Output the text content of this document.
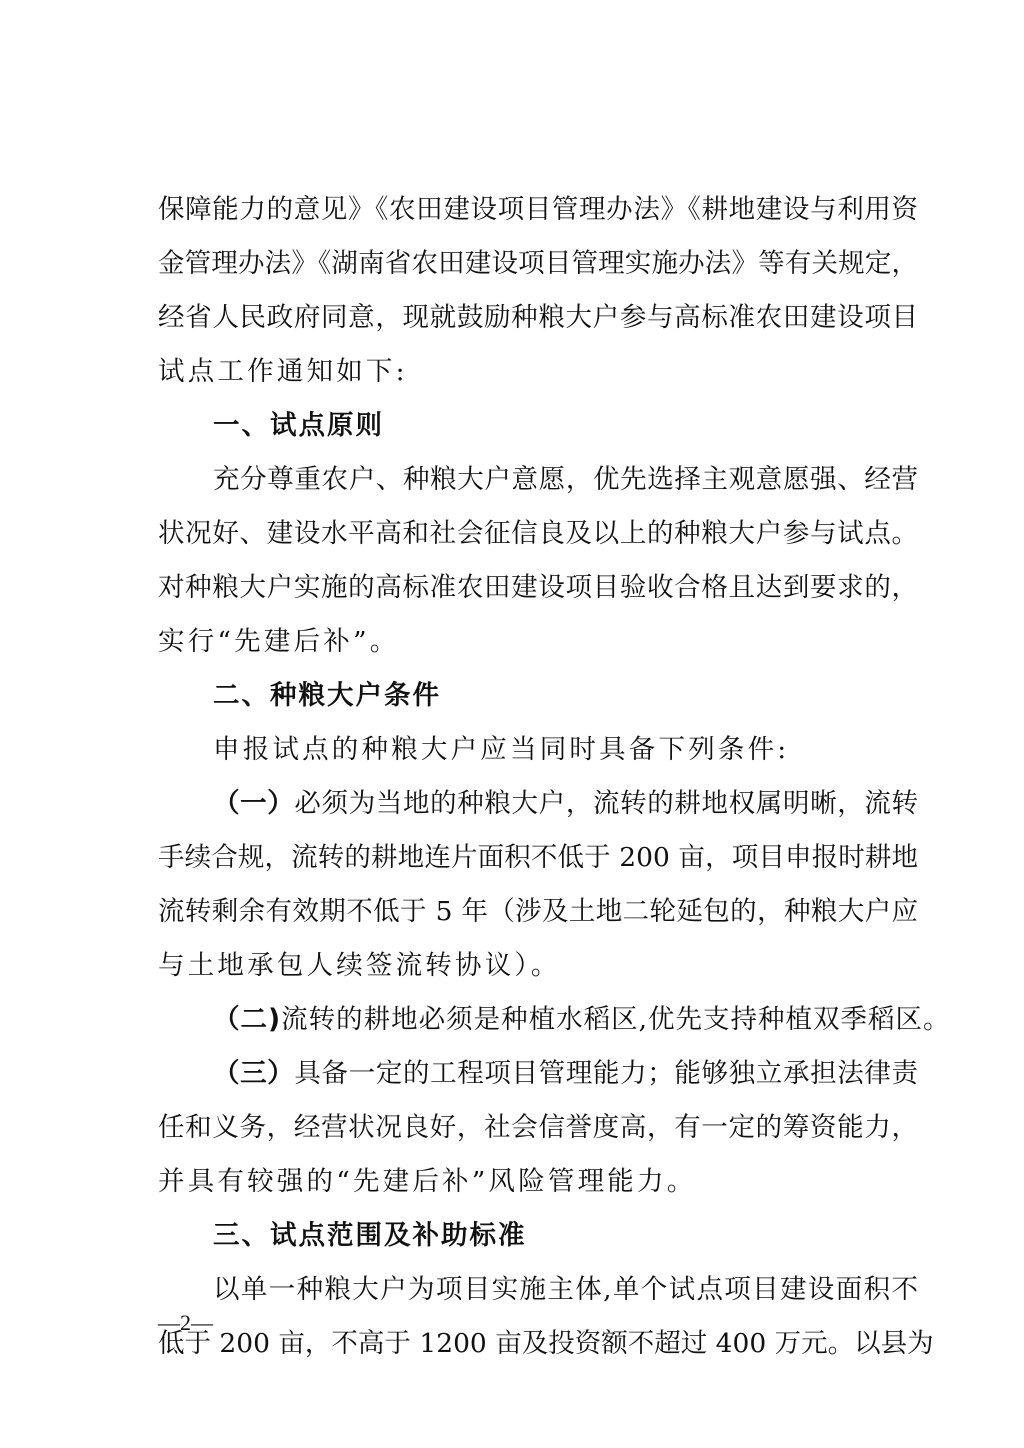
保障能力的意见》《农田建设项目管理办法》《耕地建设与利用资
金管理办法》《湖南省农田建设项目管理实施办法》等有关规定，
经省人民政府同意，现就鼓励种粮大户参与高标准农田建设项目
试点工作通知如下:
一、试点原则
充分尊重农户、种粮大户意愿，优先选择主观意愿强、经营
状况好、建设水平高和社会征信良及以上的种粮大户参与试点。
对种粮大户实施的高标准农田建设项目验收合格且达到要求的，
实行“先建后补”。
二、种粮大户条件
申报试点的种粮大户应当同时具备下列条件:
（一）必须为当地的种粮大户，流转的耕地权属明晰，流转
手续合规，流转的耕地连片面积不低于 200 亩，项目申报时耕地
流转剩余有效期不低于 5 年（涉及土地二轮延包的，种粮大户应
与土地承包人续签流转协议）。
（二)流转的耕地必须是种植水稻区,优先支持种植双季稻区。
（三）具备一定的工程项目管理能力；能够独立承担法律责
任和义务，经营状况良好，社会信誉度高，有一定的筹资能力，
并具有较强的“先建后补”风险管理能力。
三、试点范围及补助标准
以单一种粮大户为项目实施主体,单个试点项目建设面积不
低于 200 亩，不高于 1200 亩及投资额不超过 400 万元。以县为
—2—
